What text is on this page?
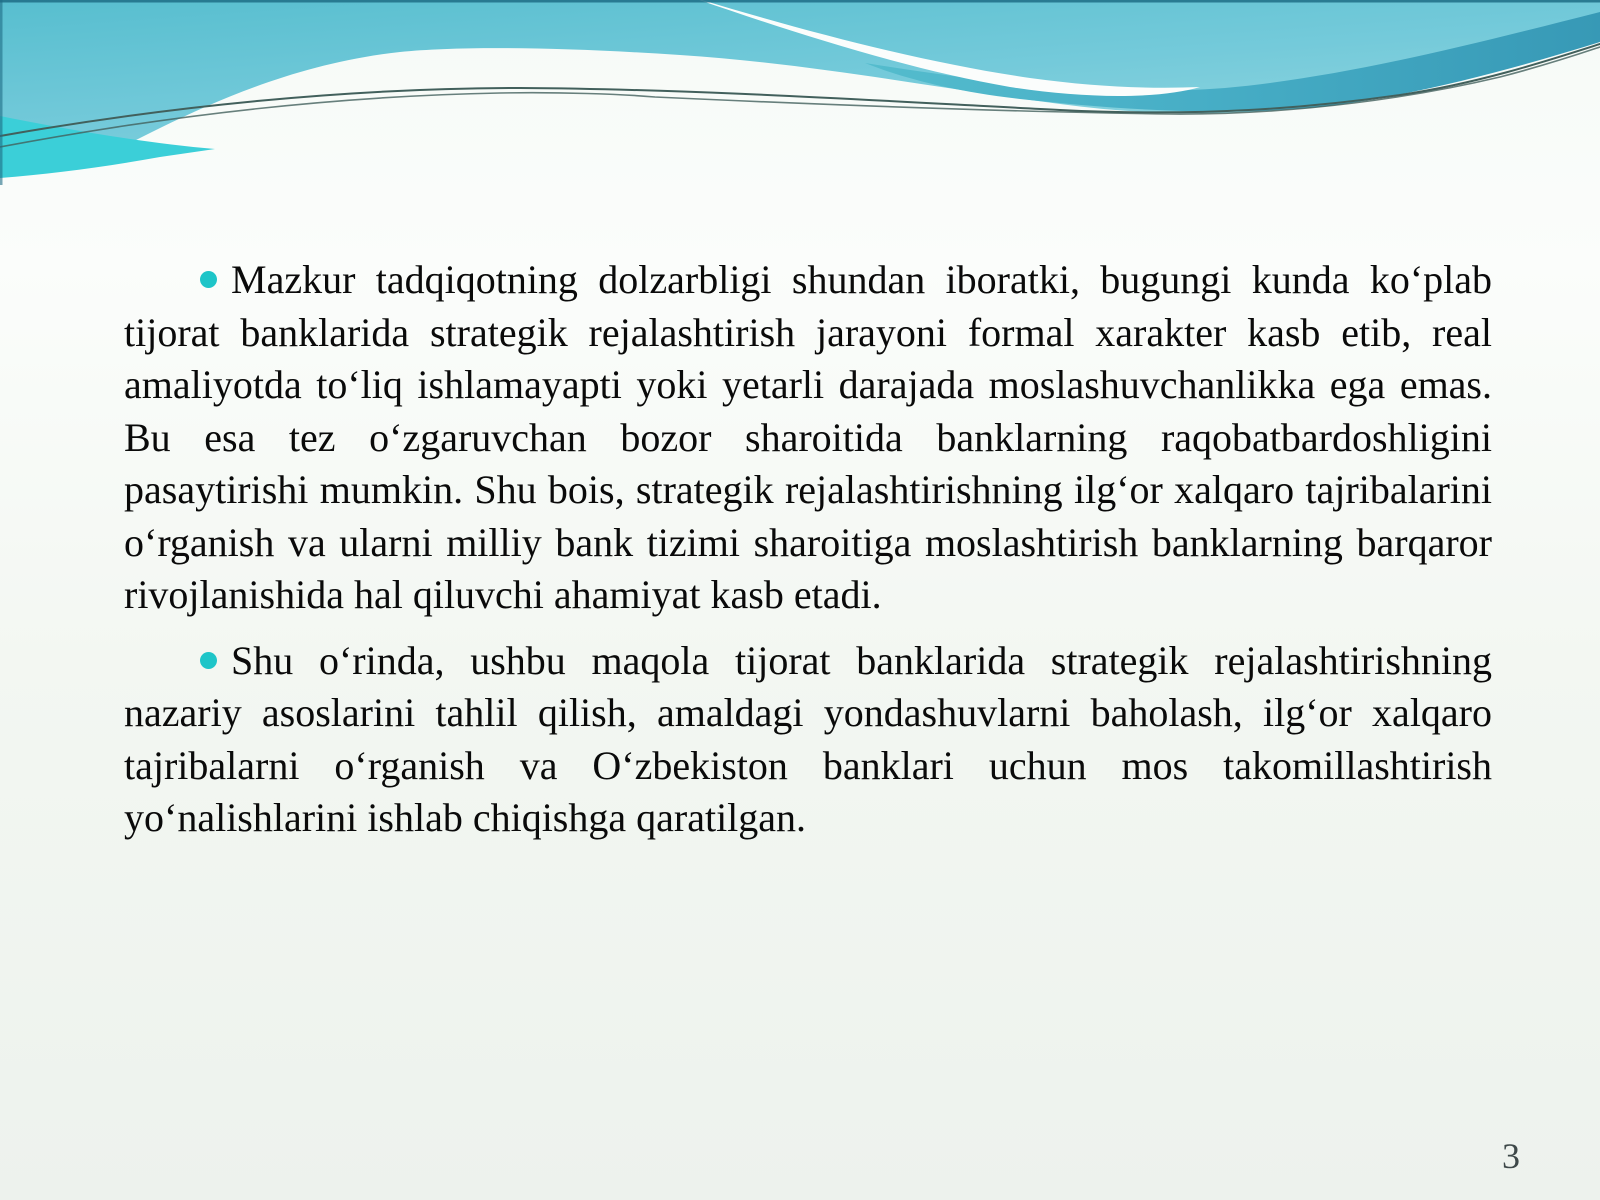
Mazkur tadqiqotning dolzarbligi shundan iboratki, bugungi kunda ko‘plab tijorat banklarida strategik rejalashtirish jarayoni formal xarakter kasb etib, real amaliyotda to‘liq ishlamayapti yoki yetarli darajada moslashuvchanlikka ega emas. Bu esa tez o‘zgaruvchan bozor sharoitida banklarning raqobatbardoshligini pasaytirishi mumkin. Shu bois, strategik rejalashtirishning ilg‘or xalqaro tajribalarini o‘rganish va ularni milliy bank tizimi sharoitiga moslashtirish banklarning barqaror rivojlanishida hal qiluvchi ahamiyat kasb etadi.

Shu o‘rinda, ushbu maqola tijorat banklarida strategik rejalashtirishning nazariy asoslarini tahlil qilish, amaldagi yondashuvlarni baholash, ilg‘or xalqaro tajribalarni o‘rganish va O‘zbekiston banklari uchun mos takomillashtirish yo‘nalishlarini ishlab chiqishga qaratilgan.

3
